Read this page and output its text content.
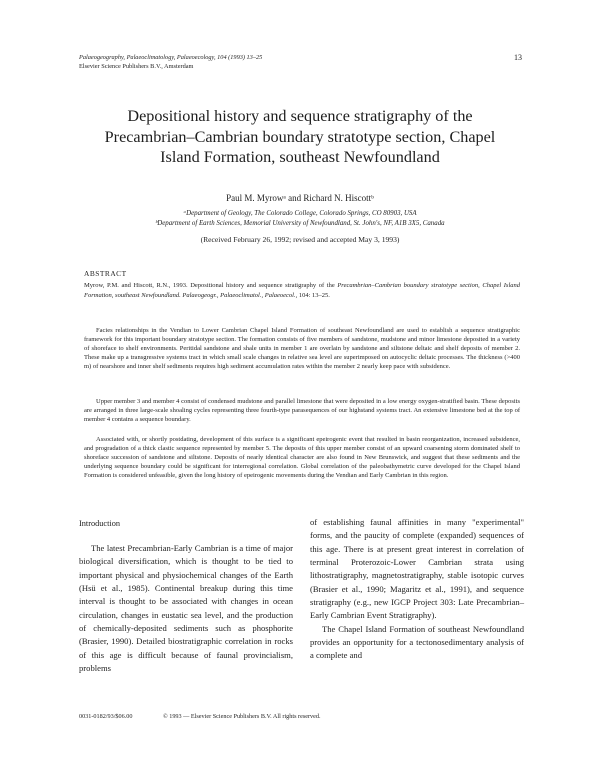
Palaeogeography, Palaeoclimatology, Palaeoecology, 104 (1993) 13–25
Elsevier Science Publishers B.V., Amsterdam
13
Depositional history and sequence stratigraphy of the
Precambrian–Cambrian boundary stratotype section, Chapel
Island Formation, southeast Newfoundland
Paul M. Myrowᵃ and Richard N. Hiscottᵇ
ᵃDepartment of Geology, The Colorado College, Colorado Springs, CO 80903, USA
ᵇDepartment of Earth Sciences, Memorial University of Newfoundland, St. John's, NF, A1B 3X5, Canada
(Received February 26, 1992; revised and accepted May 3, 1993)
ABSTRACT
Myrow, P.M. and Hiscott, R.N., 1993. Depositional history and sequence stratigraphy of the Precambrian–Cambrian boundary stratotype section, Chapel Island Formation, southeast Newfoundland. Palaeogeogr., Palaeoclimatol., Palaeoecol., 104: 13–25.
Facies relationships in the Vendian to Lower Cambrian Chapel Island Formation of southeast Newfoundland are used to establish a sequence stratigraphic framework for this important boundary stratotype section. The formation consists of five members of sandstone, mudstone and minor limestone deposited in a variety of shoreface to shelf environments. Peritidal sandstone and shale units in member 1 are overlain by sandstone and siltstone deltaic and shelf deposits of member 2. These make up a transgressive systems tract in which small scale changes in relative sea level are superimposed on autocyclic deltaic processes. The thickness (>400 m) of nearshore and inner shelf sediments requires high sediment accumulation rates within the member 2 nearly keep pace with subsidence.
Upper member 3 and member 4 consist of condensed mudstone and parallel limestone that were deposited in a low energy oxygen-stratified basin. These deposits are arranged in three large-scale shoaling cycles representing three fourth-type parasequences of our highstand systems tract. An extensive limestone bed at the top of member 4 contains a sequence boundary.
Associated with, or shortly postdating, development of this surface is a significant epeirogenic event that resulted in basin reorganization, increased subsidence, and progradation of a thick clastic sequence represented by member 5. The deposits of this upper member consist of an upward coarsening storm dominated shelf to shoreface succession of sandstone and siltstone. Deposits of nearly identical character are also found in New Brunswick, and suggest that these sediments and the underlying sequence boundary could be significant for interregional correlation. Global correlation of the paleobathymetric curve developed for the Chapel Island Formation is considered unfeasible, given the long history of epeirogenic movements during the Vendian and Early Cambrian in this region.
Introduction

The latest Precambrian-Early Cambrian is a time of major biological diversification, which is thought to be tied to important physical and physiochemical changes of the Earth (Hsü et al., 1985). Continental breakup during this time interval is thought to be associated with changes in ocean circulation, changes in eustatic sea level, and the production of chemically-deposited sediments such as phosphorite (Brasier, 1990). Detailed biostratigraphic correlation in rocks of this age is difficult because of faunal provincialism, problems

of establishing faunal affinities in many "experimental" forms, and the paucity of complete (expanded) sequences of this age. There is at present great interest in correlation of terminal Proterozoic-Lower Cambrian strata using lithostratigraphy, magnetostratigraphy, stable isotopic curves (Brasier et al., 1990; Magaritz et al., 1991), and sequence stratigraphy (e.g., new IGCP Project 303: Late Precambrian–Early Cambrian Event Stratigraphy).

The Chapel Island Formation of southeast Newfoundland provides an opportunity for a tectonosedimentary analysis of a complete and

0031-0182/93/$06.00	© 1993 — Elsevier Science Publishers B.V. All rights reserved.
